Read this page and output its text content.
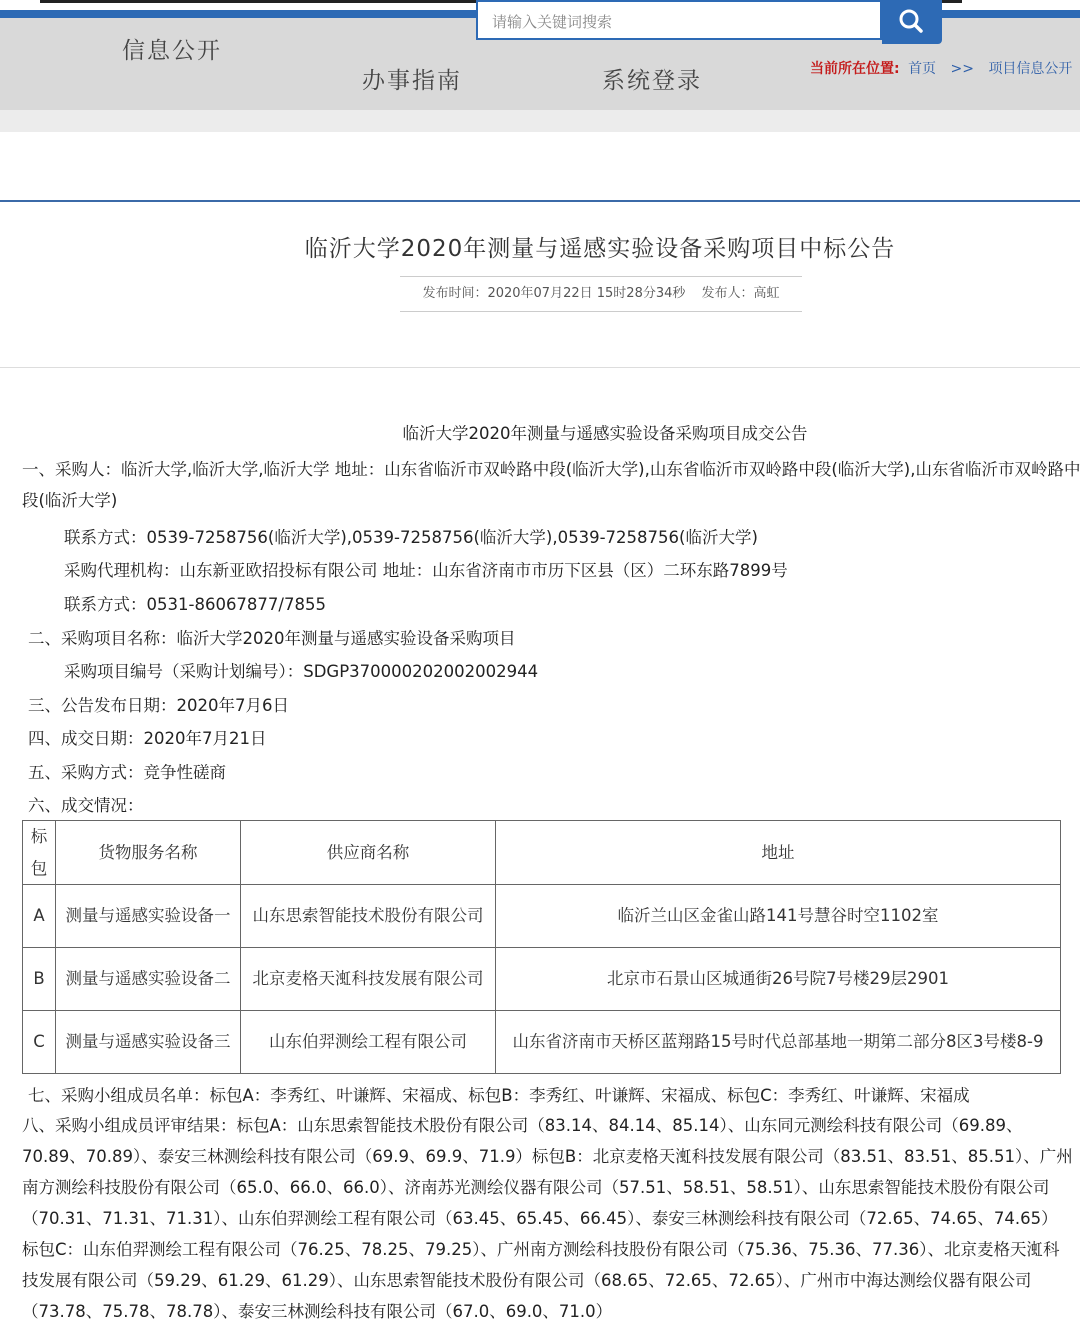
信息公开
办事指南	系统登录
请输入关键词搜索	当前所在位置: 首页 >> 项目信息公开
临沂大学2020年测量与遥感实验设备采购项目中标公告
发布时间：2020年07月22日 15时28分34秒 发布人：高虹
临沂大学2020年测量与遥感实验设备采购项目成交公告
一、采购人：临沂大学,临沂大学,临沂大学 地址：山东省临沂市双岭路中段(临沂大学),山东省临沂市双岭路中段(临沂大学),山东省临沂市双岭路中段(临沂大学)
联系方式：0539-7258756(临沂大学),0539-7258756(临沂大学),0539-7258756(临沂大学)
采购代理机构：山东新亚欧招投标有限公司 地址：山东省济南市市历下区县（区）二环东路7899号
联系方式：0531-86067877/7855
二、采购项目名称：临沂大学2020年测量与遥感实验设备采购项目
采购项目编号（采购计划编号）：SDGP370000202002002944
三、公告发布日期：2020年7月6日
四、成交日期：2020年7月21日
五、采购方式：竞争性磋商
六、成交情况：
标包	货物服务名称	供应商名称	地址
A	测量与遥感实验设备一	山东思索智能技术股份有限公司	临沂兰山区金雀山路141号慧谷时空1102室
B	测量与遥感实验设备二	北京麦格天渱科技发展有限公司	北京市石景山区城通街26号院7号楼29层2901
C	测量与遥感实验设备三	山东伯羿测绘工程有限公司	山东省济南市天桥区蓝翔路15号时代总部基地一期第二部分8区3号楼8-9
七、采购小组成员名单：标包A：李秀红、叶谦辉、宋福成、标包B：李秀红、叶谦辉、宋福成、标包C：李秀红、叶谦辉、宋福成
八、采购小组成员评审结果：标包A：山东思索智能技术股份有限公司（83.14、84.14、85.14）、山东同元测绘科技有限公司（69.89、70.89、70.89）、泰安三林测绘科技有限公司（69.9、69.9、71.9）标包B：北京麦格天渱科技发展有限公司（83.51、83.51、85.51）、广州南方测绘科技股份有限公司（65.0、66.0、66.0）、济南苏光测绘仪器有限公司（57.51、58.51、58.51）、山东思索智能技术股份有限公司（70.31、71.31、71.31）、山东伯羿测绘工程有限公司（63.45、65.45、66.45）、泰安三林测绘科技有限公司（72.65、74.65、74.65）标包C：山东伯羿测绘工程有限公司（76.25、78.25、79.25）、广州南方测绘科技股份有限公司（75.36、75.36、77.36）、北京麦格天渱科技发展有限公司（59.29、61.29、61.29）、山东思索智能技术股份有限公司（68.65、72.65、72.65）、广州市中海达测绘仪器有限公司（73.78、75.78、78.78）、泰安三林测绘科技有限公司（67.0、69.0、71.0）
